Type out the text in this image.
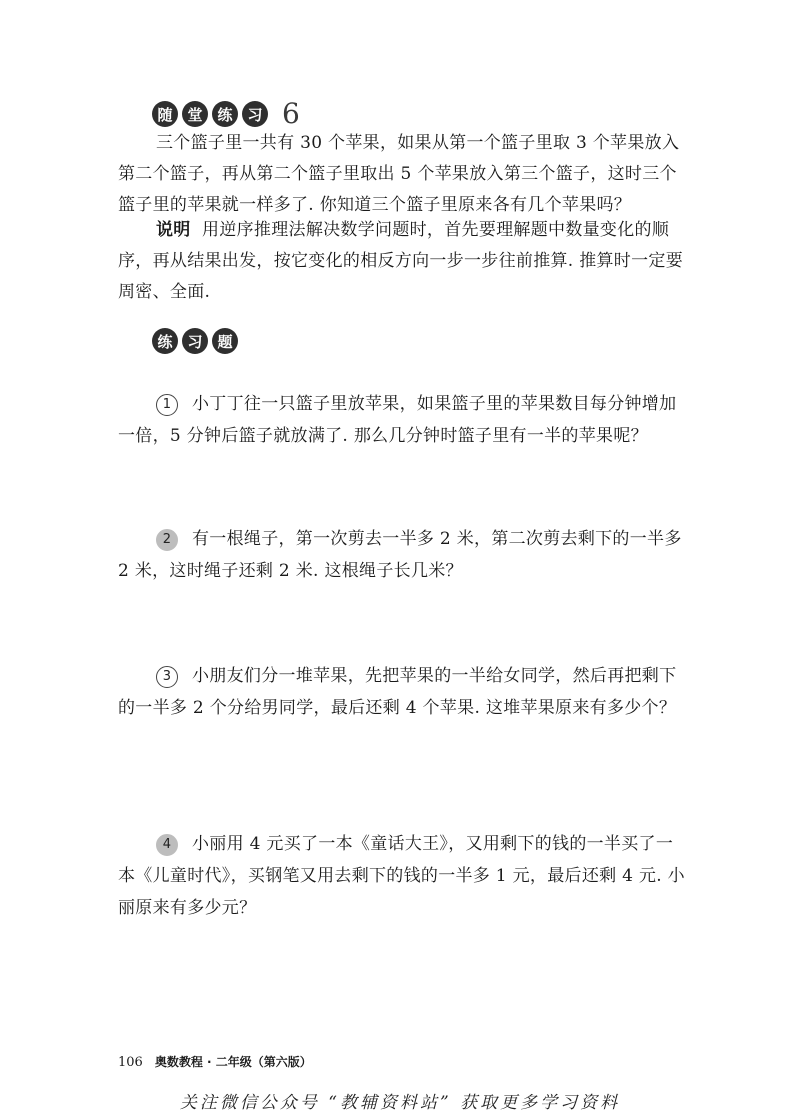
随 堂 练 习 6
三个篮子里一共有 30 个苹果，如果从第一个篮子里取 3 个苹果放入第二个篮子，再从第二个篮子里取出 5 个苹果放入第三个篮子，这时三个篮子里的苹果就一样多了. 你知道三个篮子里原来各有几个苹果吗？
说明 用逆序推理法解决数学问题时，首先要理解题中数量变化的顺序，再从结果出发，按它变化的相反方向一步一步往前推算. 推算时一定要周密、全面.
练 习 题
1 小丁丁往一只篮子里放苹果，如果篮子里的苹果数目每分钟增加一倍，5 分钟后篮子就放满了. 那么几分钟时篮子里有一半的苹果呢？
2 有一根绳子，第一次剪去一半多 2 米，第二次剪去剩下的一半多 2 米，这时绳子还剩 2 米. 这根绳子长几米？
3 小朋友们分一堆苹果，先把苹果的一半给女同学，然后再把剩下的一半多 2 个分给男同学，最后还剩 4 个苹果. 这堆苹果原来有多少个？
4 小丽用 4 元买了一本《童话大王》，又用剩下的钱的一半买了一本《儿童时代》，买钢笔又用去剩下的钱的一半多 1 元，最后还剩 4 元. 小丽原来有多少元？
106 奥数教程 · 二年级（第六版）
关注微信公众号 “教辅资料站” 获取更多学习资料
